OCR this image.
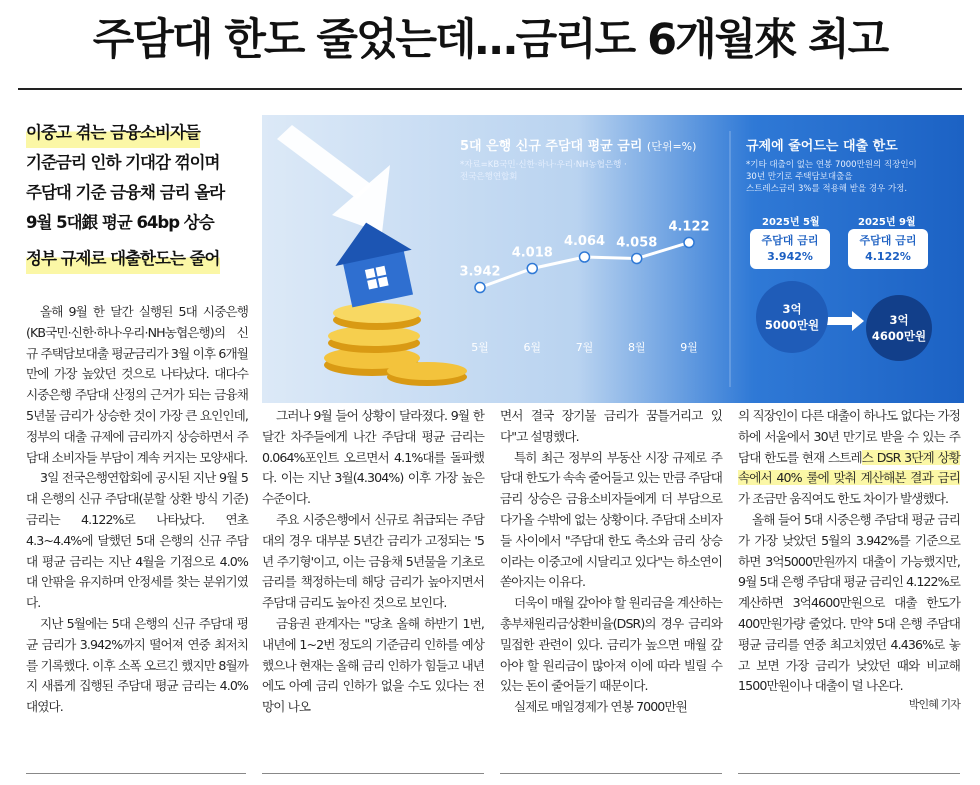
주담대 한도 줄었는데…금리도 6개월來 최고
이중고 겪는 금융소비자들
기준금리 인하 기대감 꺾이며
주담대 기준 금융채 금리 올라
9월 5대銀 평균 64bp 상승
정부 규제로 대출한도는 줄어
5대 은행 신규 주담대 평균 금리 (단위=%)
*자료=KB국민·신한·하나·우리·NH농협은행 ·
전국은행연합회
3.942
5월
4.018
6월
4.064
7월
4.058
8월
4.122
9월
규제에 줄어드는 대출 한도
*기타 대출이 없는 연봉 7000만원의 직장인이
30년 만기로 주택담보대출을
스트레스금리 3%를 적용해 받을 경우 가정.
2025년 5월	2025년 9월
주담대 금리
3.942%
주담대 금리
4.122%
3억
5000만원	3억
4600만원

올해 9월 한 달간 실행된 5대 시중은행(KB국민·신한·하나·우리·NH농협은행)의 신규 주택담보대출 평균금리가 3월 이후 6개월 만에 가장 높았던 것으로 나타났다. 대다수 시중은행 주담대 산정의 근거가 되는 금융채 5년물 금리가 상승한 것이 가장 큰 요인인데, 정부의 대출 규제에 금리까지 상승하면서 주담대 소비자들 부담이 계속 커지는 모양새다.

3일 전국은행연합회에 공시된 지난 9월 5대 은행의 신규 주담대(분할 상환 방식 기준) 금리는 4.122%로 나타났다. 연초 4.3~4.4%에 달했던 5대 은행의 신규 주담대 평균 금리는 지난 4월을 기점으로 4.0%대 안팎을 유지하며 안정세를 찾는 분위기였다.

지난 5월에는 5대 은행의 신규 주담대 평균 금리가 3.942%까지 떨어져 연중 최저치를 기록했다. 이후 소폭 오르긴 했지만 8월까지 새롭게 집행된 주담대 평균 금리는 4.0%대였다.

그러나 9월 들어 상황이 달라졌다. 9월 한 달간 차주들에게 나간 주담대 평균 금리는 0.064%포인트 오르면서 4.1%대를 돌파했다. 이는 지난 3월(4.304%) 이후 가장 높은 수준이다.

주요 시중은행에서 신규로 취급되는 주담대의 경우 대부분 5년간 금리가 고정되는 '5년 주기형'이고, 이는 금융채 5년물을 기초로 금리를 책정하는데 해당 금리가 높아지면서 주담대 금리도 높아진 것으로 보인다.

금융권 관계자는 "당초 올해 하반기 1번, 내년에 1~2번 정도의 기준금리 인하를 예상했으나 현재는 올해 금리 인하가 힘들고 내년에도 아예 금리 인하가 없을 수도 있다는 전망이 나오

면서 결국 장기물 금리가 꿈틀거리고 있다"고 설명했다.

특히 최근 정부의 부동산 시장 규제로 주담대 한도가 속속 줄어들고 있는 만큼 주담대 금리 상승은 금융소비자들에게 더 부담으로 다가올 수밖에 없는 상황이다. 주담대 소비자들 사이에서 "주담대 한도 축소와 금리 상승이라는 이중고에 시달리고 있다"는 하소연이 쏟아지는 이유다.

더욱이 매월 갚아야 할 원리금을 계산하는 총부채원리금상환비율(DSR)의 경우 금리와 밀접한 관련이 있다. 금리가 높으면 매월 갚아야 할 원리금이 많아져 이에 따라 빌릴 수 있는 돈이 줄어들기 때문이다.

실제로 매일경제가 연봉 7000만원

의 직장인이 다른 대출이 하나도 없다는 가정하에 서울에서 30년 만기로 받을 수 있는 주담대 한도를 현재 스트레스 DSR 3단계 상황 속에서 40% 룰에 맞춰 계산해본 결과 금리가 조금만 움직여도 한도 차이가 발생했다.

올해 들어 5대 시중은행 주담대 평균 금리가 가장 낮았던 5월의 3.942%를 기준으로 하면 3억5000만원까지 대출이 가능했지만, 9월 5대 은행 주담대 평균 금리인 4.122%로 계산하면 3억4600만원으로 대출 한도가 400만원가량 줄었다. 만약 5대 은행 주담대 평균 금리를 연중 최고치였던 4.436%로 놓고 보면 가장 금리가 낮았던 때와 비교해 1500만원이나 대출이 덜 나온다.

박인혜 기자
